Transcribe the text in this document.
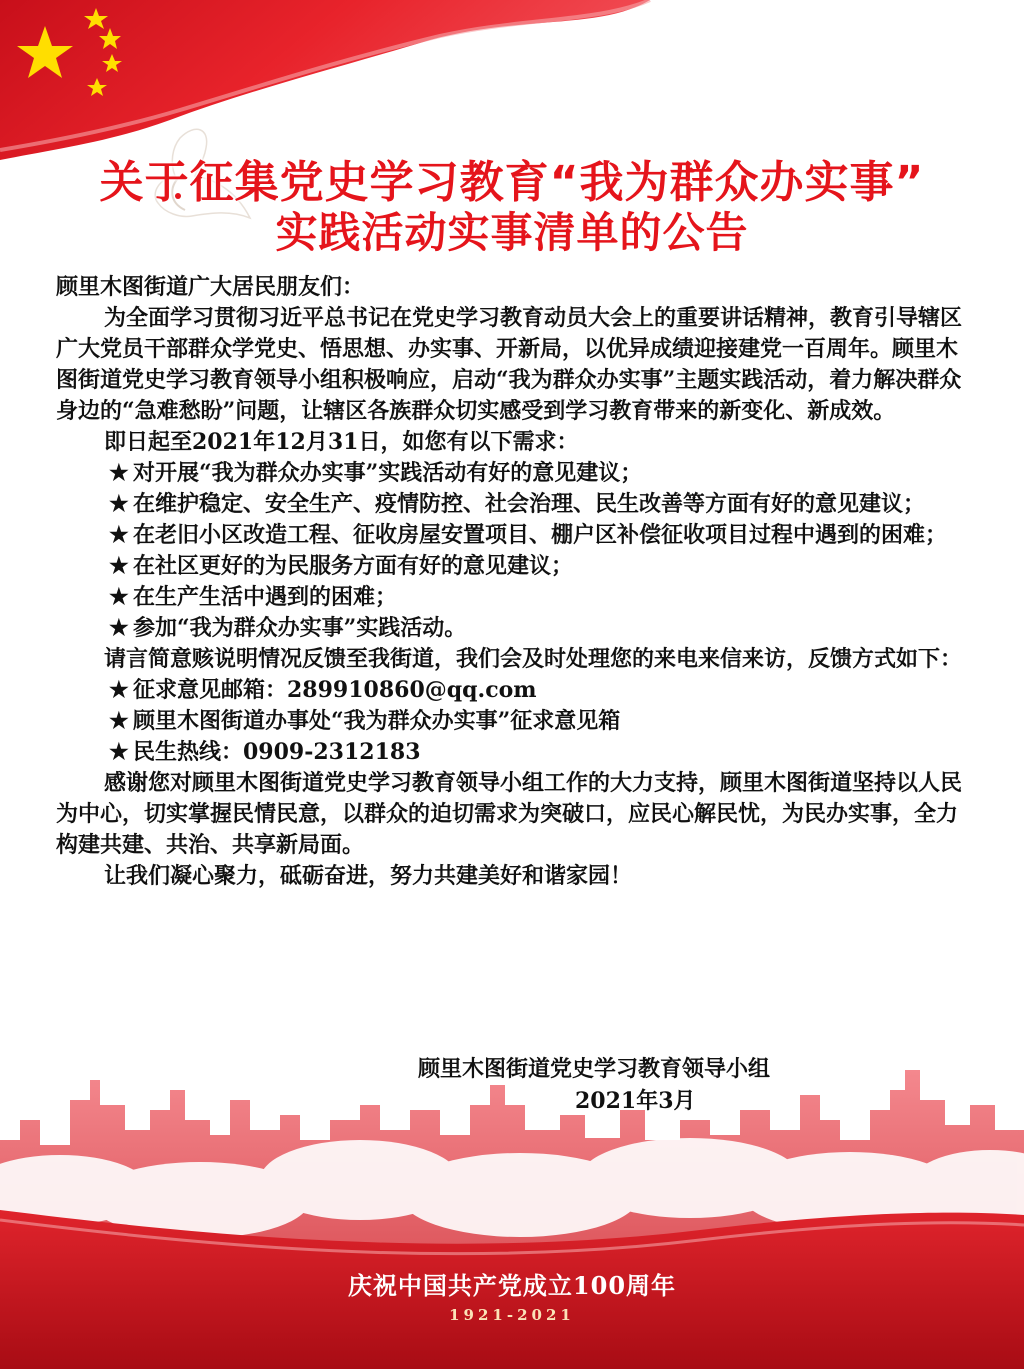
关于征集党史学习教育“我为群众办实事”
实践活动实事清单的公告

顾里木图街道广大居民朋友们：

为全面学习贯彻习近平总书记在党史学习教育动员大会上的重要讲话精神，教育引导辖区广大党员干部群众学党史、悟思想、办实事、开新局，以优异成绩迎接建党一百周年。顾里木图街道党史学习教育领导小组积极响应，启动“我为群众办实事”主题实践活动，着力解决群众身边的“急难愁盼”问题，让辖区各族群众切实感受到学习教育带来的新变化、新成效。

即日起至2021年12月31日，如您有以下需求：

★ 对开展“我为群众办实事”实践活动有好的意见建议；

★ 在维护稳定、安全生产、疫情防控、社会治理、民生改善等方面有好的意见建议；

★ 在老旧小区改造工程、征收房屋安置项目、棚户区补偿征收项目过程中遇到的困难；

★ 在社区更好的为民服务方面有好的意见建议；

★ 在生产生活中遇到的困难；

★ 参加“我为群众办实事”实践活动。

请言简意赅说明情况反馈至我街道，我们会及时处理您的来电来信来访，反馈方式如下：

★ 征求意见邮箱：289910860@qq.com

★ 顾里木图街道办事处“我为群众办实事”征求意见箱

★ 民生热线：0909-2312183

感谢您对顾里木图街道党史学习教育领导小组工作的大力支持，顾里木图街道坚持以人民为中心，切实掌握民情民意，以群众的迫切需求为突破口，应民心解民忧，为民办实事，全力构建共建、共治、共享新局面。

让我们凝心聚力，砥砺奋进，努力共建美好和谐家园！

顾里木图街道党史学习教育领导小组
2021年3月
庆祝中国共产党成立100周年
1921-2021
